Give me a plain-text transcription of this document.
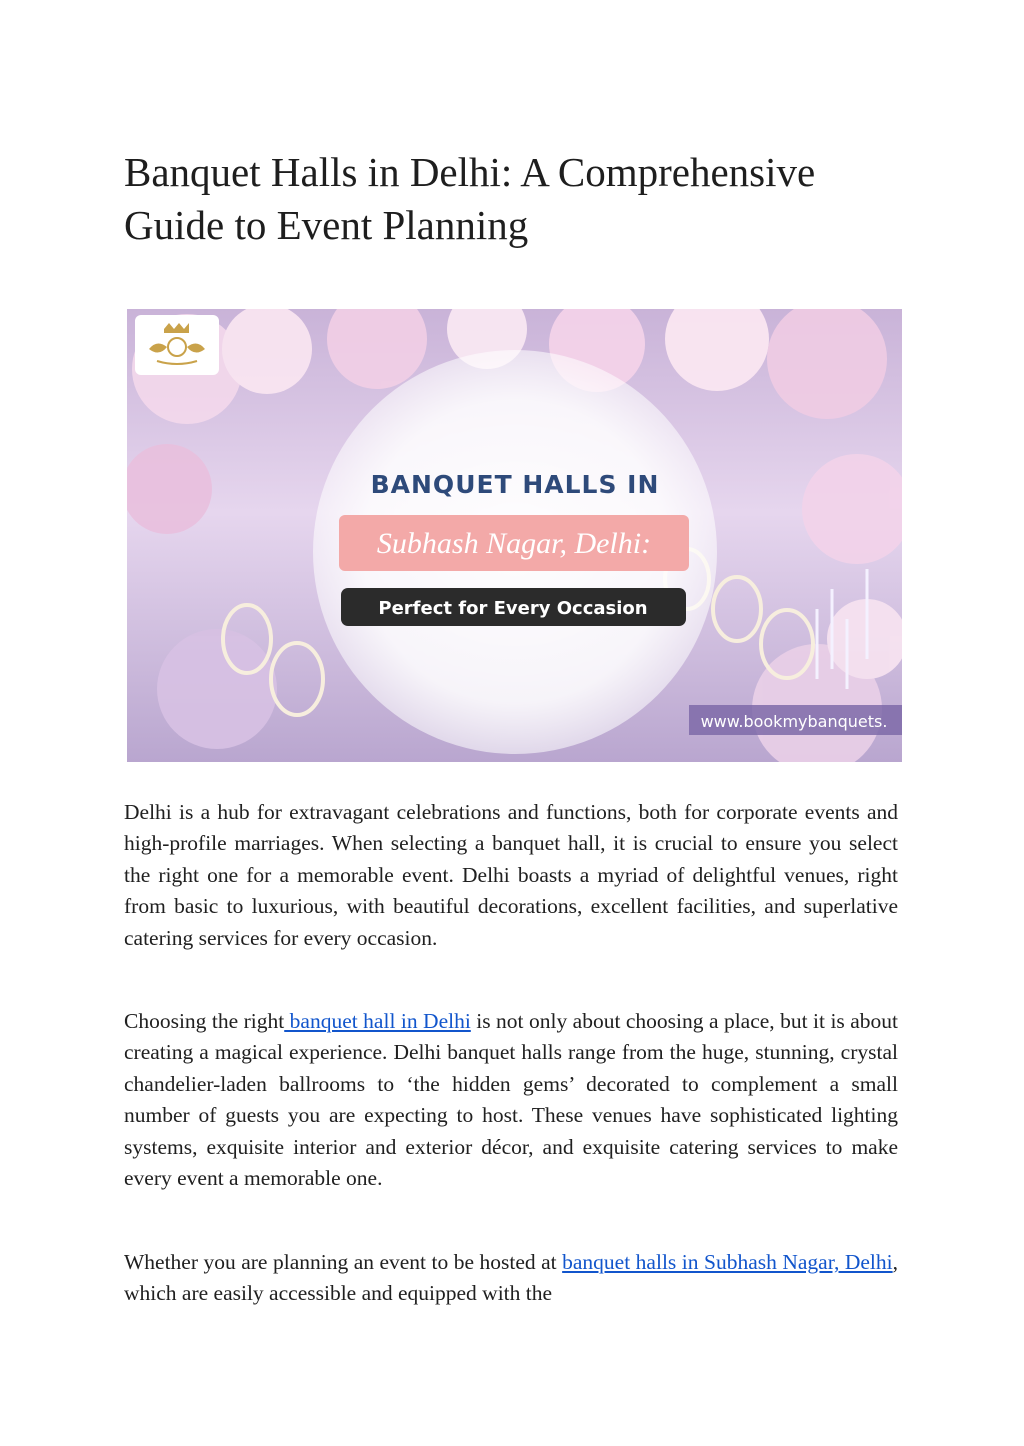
Banquet Halls in Delhi: A Comprehensive Guide to Event Planning
BANQUET HALLS IN
Subhash Nagar, Delhi:
Perfect for Every Occasion
www.bookmybanquets.

Delhi is a hub for extravagant celebrations and functions, both for corporate events and high-profile marriages. When selecting a banquet hall, it is crucial to ensure you select the right one for a memorable event. Delhi boasts a myriad of delightful venues, right from basic to luxurious, with beautiful decorations, excellent facilities, and superlative catering services for every occasion.

Choosing the right banquet hall in Delhi is not only about choosing a place, but it is about creating a magical experience. Delhi banquet halls range from the huge, stunning, crystal chandelier-laden ballrooms to ‘the hidden gems’ decorated to complement a small number of guests you are expecting to host. These venues have sophisticated lighting systems, exquisite interior and exterior décor, and exquisite catering services to make every event a memorable one.

Whether you are planning an event to be hosted at banquet halls in Subhash Nagar, Delhi, which are easily accessible and equipped with the
